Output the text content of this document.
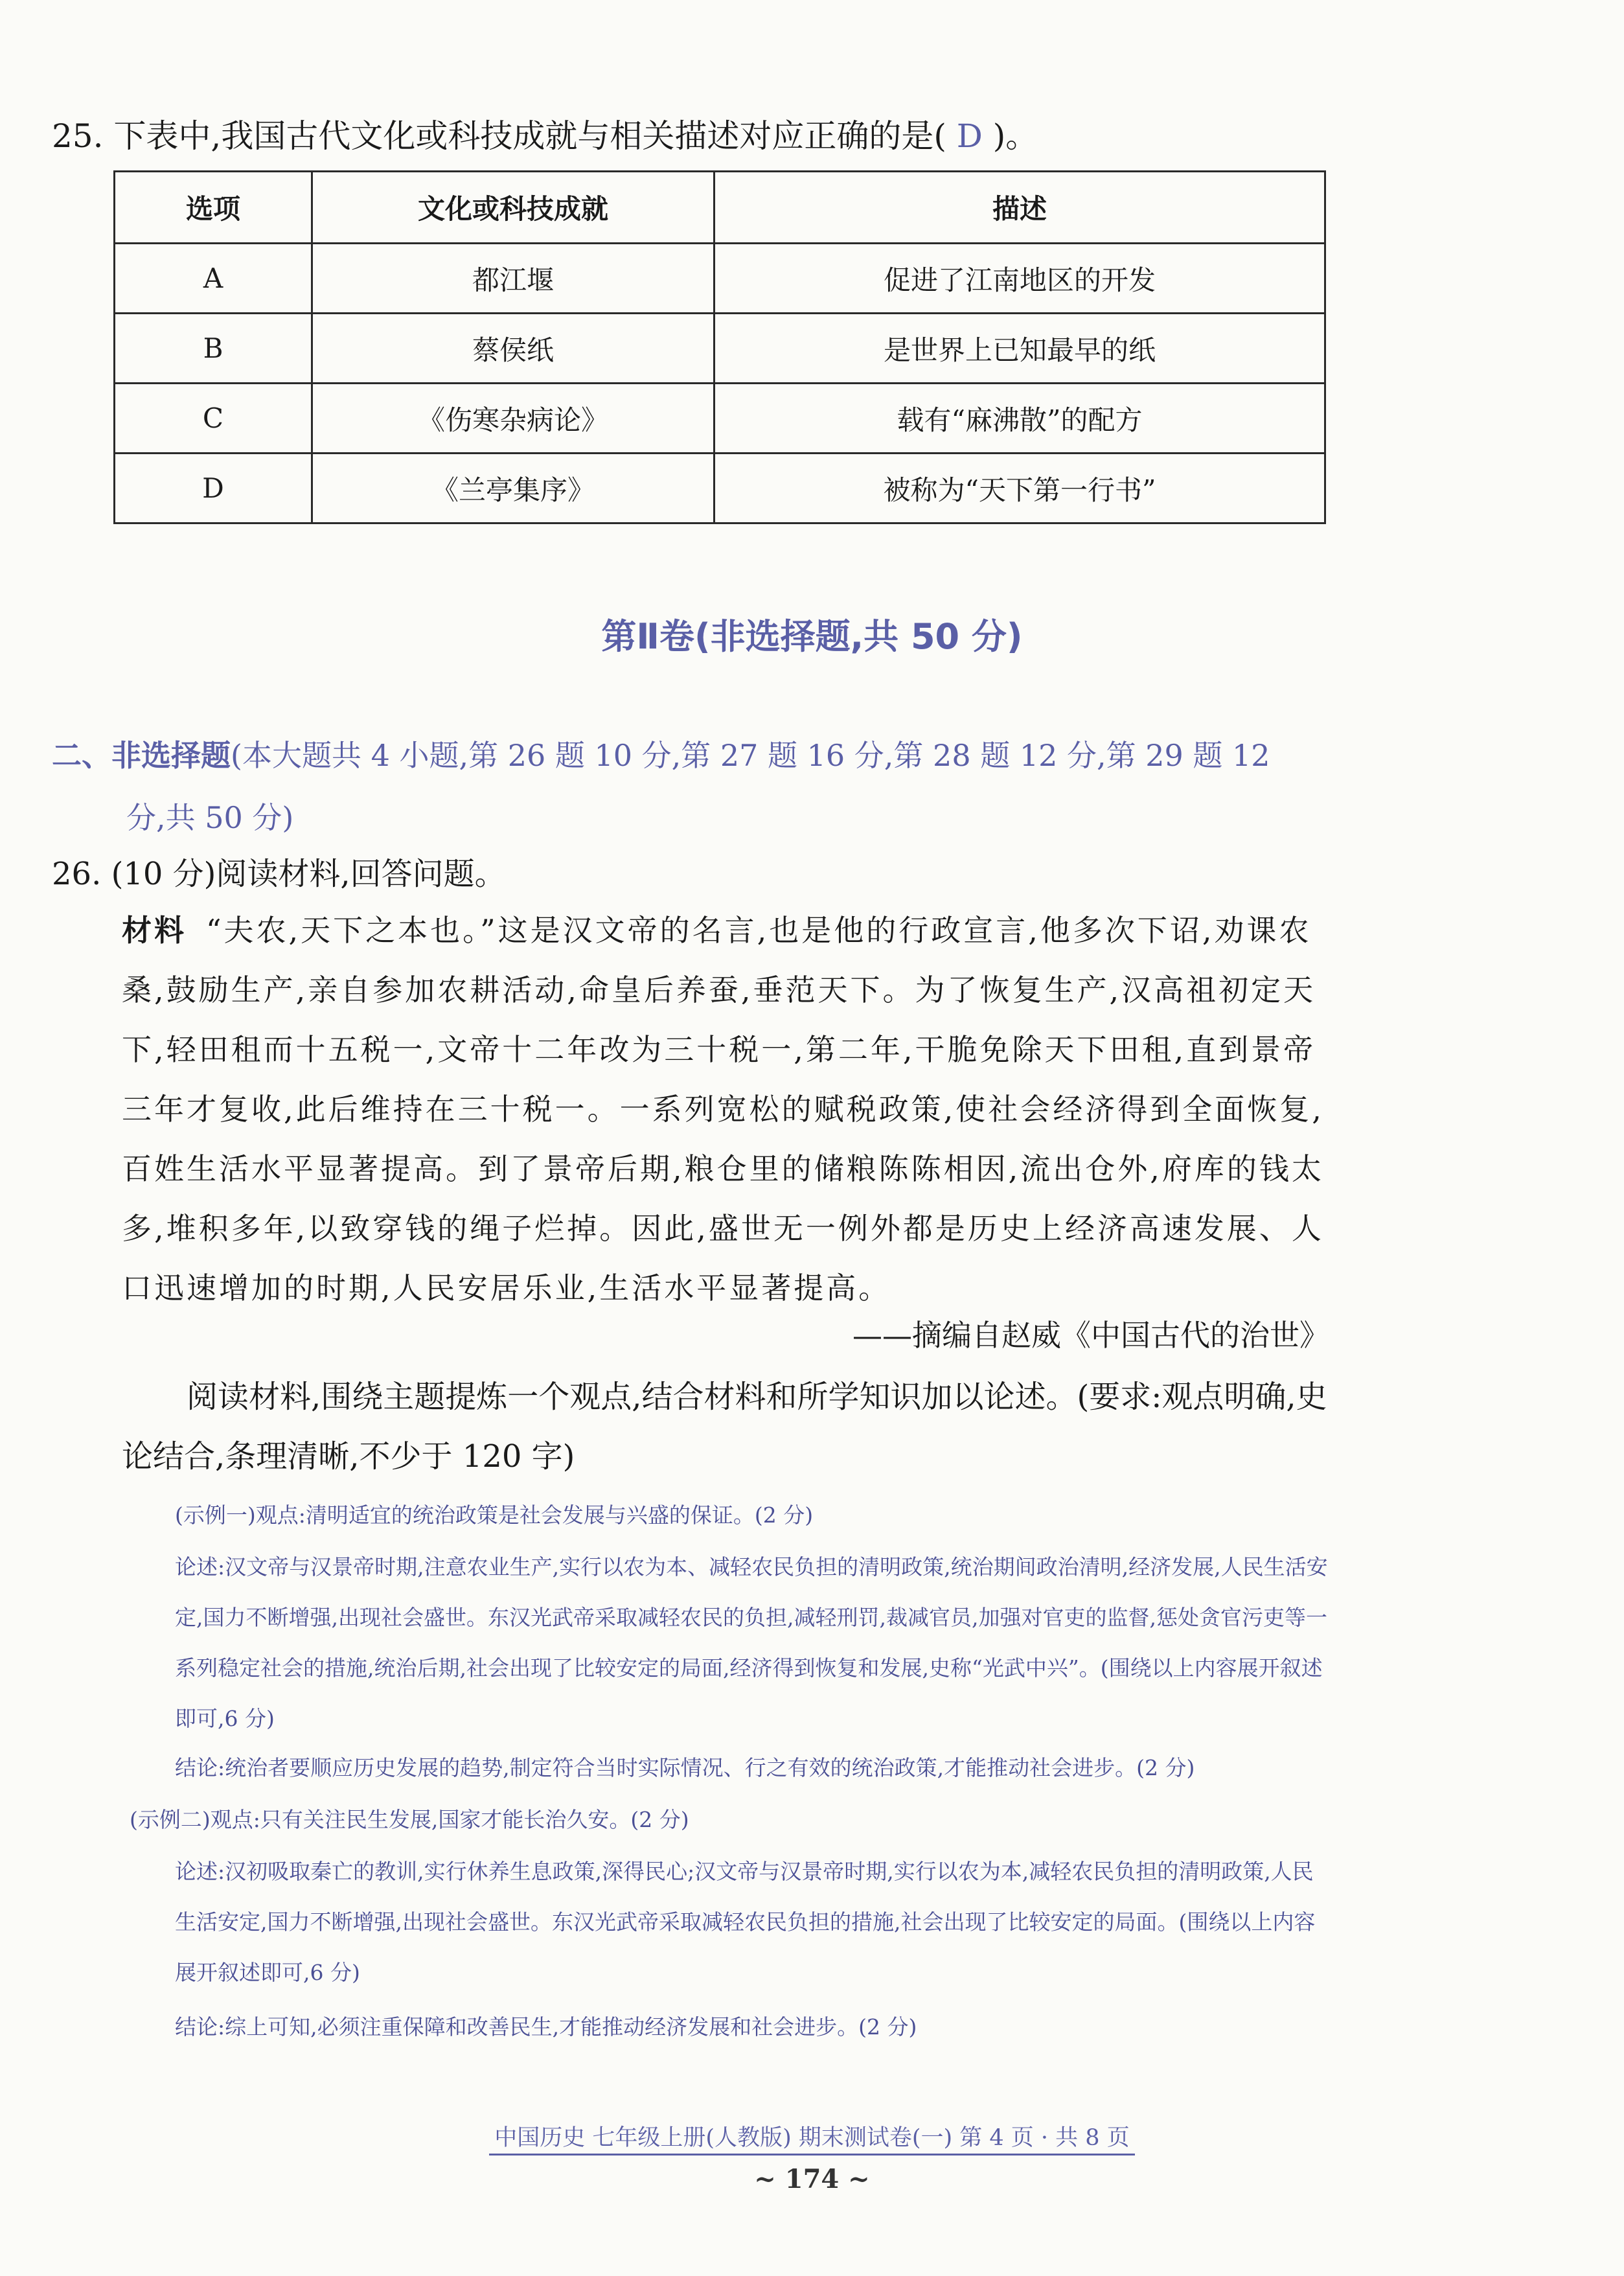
25. 下表中,我国古代文化或科技成就与相关描述对应正确的是( D )。
选项	文化或科技成就	描述
A	都江堰	促进了江南地区的开发
B	蔡侯纸	是世界上已知最早的纸
C	《伤寒杂病论》	载有“麻沸散”的配方
D	《兰亭集序》	被称为“天下第一行书”
第Ⅱ卷(非选择题,共 50 分)
二、非选择题(本大题共 4 小题,第 26 题 10 分,第 27 题 16 分,第 28 题 12 分,第 29 题 12
分,共 50 分)
26. (10 分)阅读材料,回答问题。
材料 “夫农,天下之本也。”这是汉文帝的名言,也是他的行政宣言,他多次下诏,劝课农桑,鼓励生产,亲自参加农耕活动,命皇后养蚕,垂范天下。为了恢复生产,汉高祖初定天下,轻田租而十五税一,文帝十二年改为三十税一,第二年,干脆免除天下田租,直到景帝三年才复收,此后维持在三十税一。一系列宽松的赋税政策,使社会经济得到全面恢复,百姓生活水平显著提高。到了景帝后期,粮仓里的储粮陈陈相因,流出仓外,府库的钱太多,堆积多年,以致穿钱的绳子烂掉。因此,盛世无一例外都是历史上经济高速发展、人口迅速增加的时期,人民安居乐业,生活水平显著提高。
——摘编自赵威《中国古代的治世》
阅读材料,围绕主题提炼一个观点,结合材料和所学知识加以论述。(要求:观点明确,史论结合,条理清晰,不少于 120 字)
(示例一)观点:清明适宜的统治政策是社会发展与兴盛的保证。(2 分)
论述:汉文帝与汉景帝时期,注意农业生产,实行以农为本、减轻农民负担的清明政策,统治期间政治清明,经济发展,人民生活安定,国力不断增强,出现社会盛世。东汉光武帝采取减轻农民的负担,减轻刑罚,裁减官员,加强对官吏的监督,惩处贪官污吏等一系列稳定社会的措施,统治后期,社会出现了比较安定的局面,经济得到恢复和发展,史称“光武中兴”。(围绕以上内容展开叙述即可,6 分)
结论:统治者要顺应历史发展的趋势,制定符合当时实际情况、行之有效的统治政策,才能推动社会进步。(2 分)
(示例二)观点:只有关注民生发展,国家才能长治久安。(2 分)
论述:汉初吸取秦亡的教训,实行休养生息政策,深得民心;汉文帝与汉景帝时期,实行以农为本,减轻农民负担的清明政策,人民生活安定,国力不断增强,出现社会盛世。东汉光武帝采取减轻农民负担的措施,社会出现了比较安定的局面。(围绕以上内容展开叙述即可,6 分)
结论:综上可知,必须注重保障和改善民生,才能推动经济发展和社会进步。(2 分)
中国历史 七年级上册(人教版) 期末测试卷(一) 第 4 页 · 共 8 页
~ 174 ~
